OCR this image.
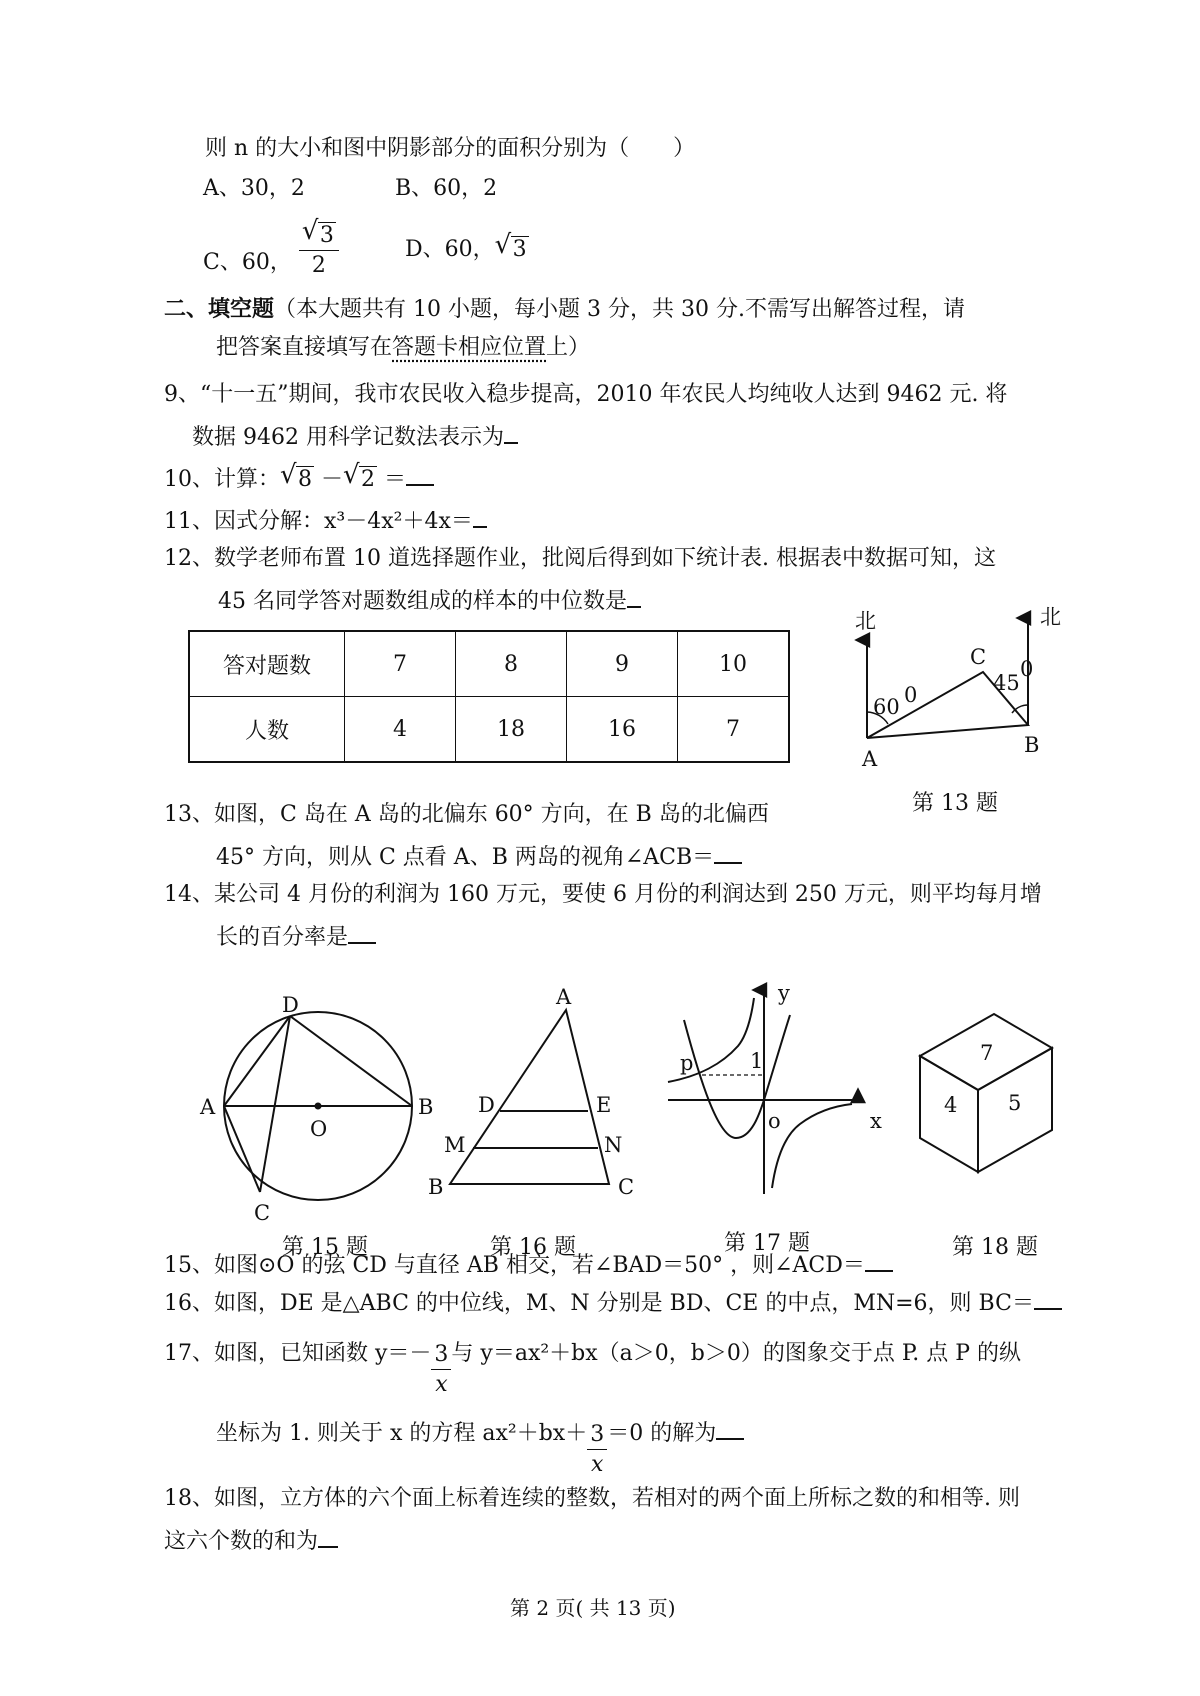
则 n 的大小和图中阴影部分的面积分别为（　　）
A、30，2	B、60，2
C、60， $\frac{√ 3}{2}$	D、60， √ 3
二、填空题（本大题共有 10 小题，每小题 3 分，共 30 分.不需写出解答过程，请
把答案直接填写在答题卡相应位置上）
9、“十一五”期间，我市农民收入稳步提高，2010 年农民人均纯收人达到 9462 元. 将
数据 9462 用科学记数法表示为
10、计算： √ 8 － √ 2 ＝
11、因式分解：x³－4x²＋4x＝
12、数学老师布置 10 道选择题作业，批阅后得到如下统计表. 根据表中数据可知，这
45 名同学答对题数组成的样本的中位数是
答对题数	7	8	9	10
人数	4	18	16	7
北	北
C
A
B
60 0	45
0
第 13 题
13、如图，C 岛在 A 岛的北偏东 60° 方向，在 B 岛的北偏西
45° 方向，则从 C 点看 A、B 两岛的视角∠ACB＝
14、某公司 4 月份的利润为 160 万元，要使 6 月份的利润达到 250 万元，则平均每月增
长的百分率是
A	B
C
D
O
第 15 题
A
B	C
D	E
M	N
第 16 题
y
x
o
p	1
第 17 题
7
4 5
第 18 题
15、如图⊙O 的弦 CD 与直径 AB 相交，若∠BAD＝50° ，则∠ACD＝
16、如图，DE 是△ABC 的中位线，M、N 分别是 BD、CE 的中点，MN=6，则 BC＝
17、如图，已知函数 $y=- \frac{3}{x}$ 与 y＝ax²＋bx（a＞0，b＞0）的图象交于点 P. 点 P 的纵
坐标为 1. 则关于 x 的方程 $ax^2+bx+ \frac{3}{x} =0$ 的解为
18、如图，立方体的六个面上标着连续的整数，若相对的两个面上所标之数的和相等. 则
这六个数的和为
第 2 页( 共 13 页)
